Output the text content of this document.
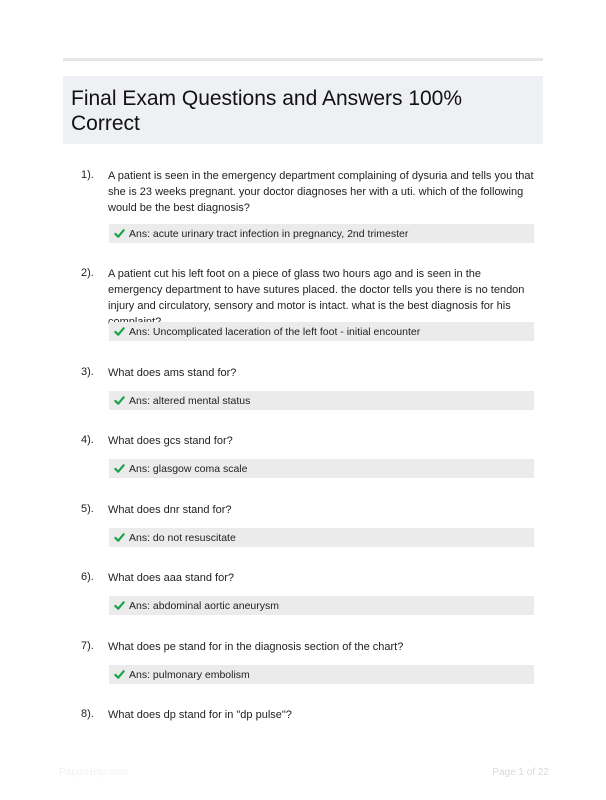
Final Exam Questions and Answers 100%
Correct
1). A patient is seen in the emergency department complaining of dysuria and tells you that she is 23 weeks pregnant. your doctor diagnoses her with a uti. which of the following would be the best diagnosis?
Ans: acute urinary tract infection in pregnancy, 2nd trimester
2). A patient cut his left foot on a piece of glass two hours ago and is seen in the emergency department to have sutures placed. the doctor tells you there is no tendon injury and circulatory, sensory and motor is intact. what is the best diagnosis for his
Ans: Uncomplicated laceration of the left foot - initial encounter
3). What does ams stand for?
Ans: altered mental status
4). What does gcs stand for?
Ans: glasgow coma scale
5). What does dnr stand for?
Ans: do not resuscitate
6). What does aaa stand for?
Ans: abdominal aortic aneurysm
7). What does pe stand for in the diagnosis section of the chart?
Ans: pulmonary embolism
8). What does dp stand for in "dp pulse"?
PaperHelp.com	Page 1 of 22
